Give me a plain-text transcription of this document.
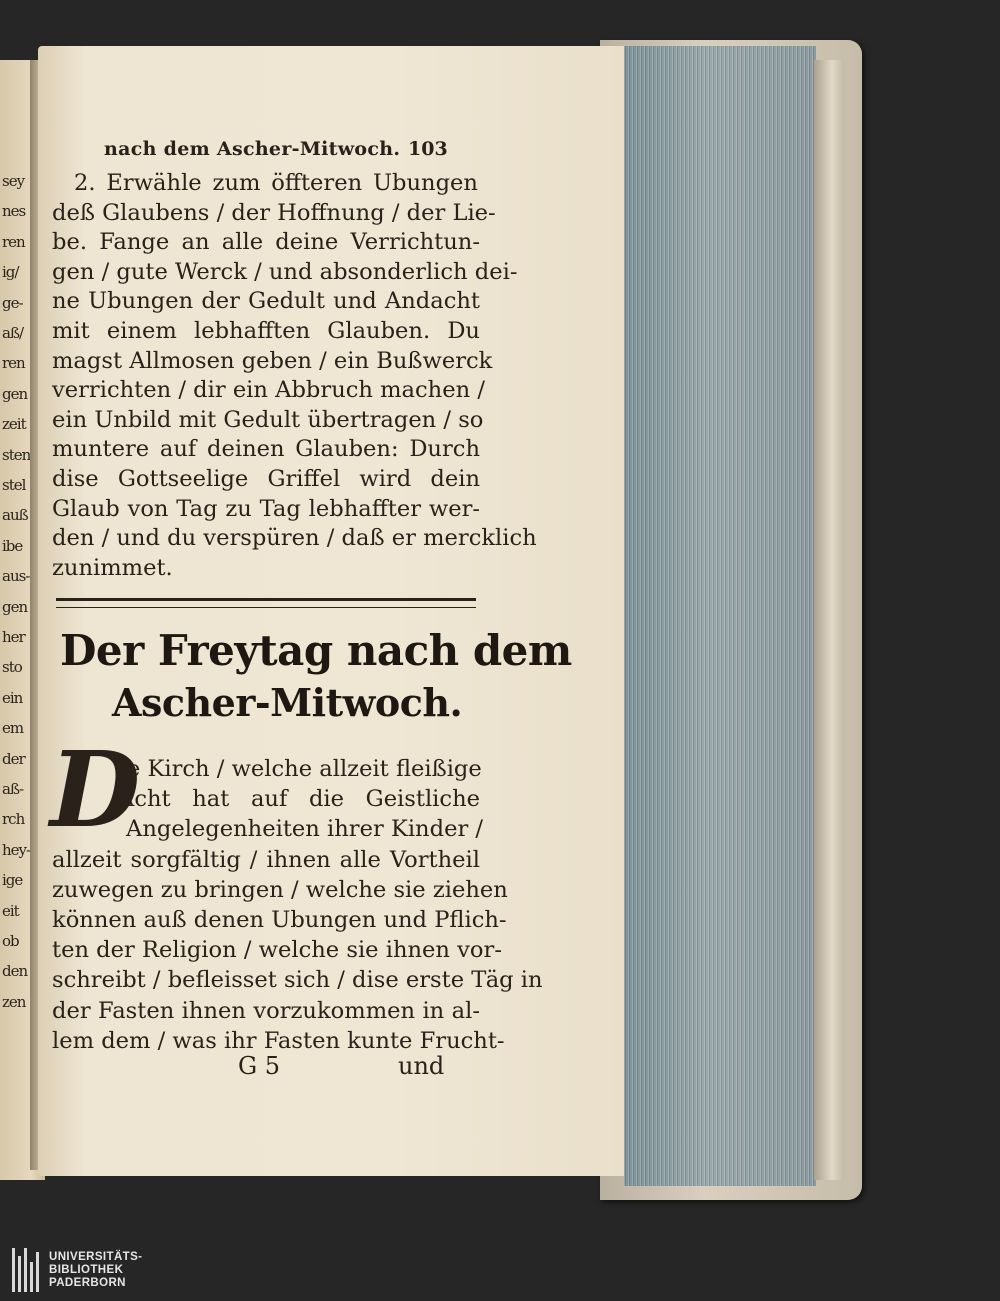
sey
nes
ren
ig/
ge-
aß/
ren
gen
zeit
sten
stel
auß
ibe
aus-
gen
her
sto
ein
em
der
aß-
rch
hey-
ige
eit
ob
den
zen
nach dem Ascher-Mitwoch. 103
2. Erwähle zum öffteren Ubungen
deß Glaubens / der Hoffnung / der Lie-
be. Fange an alle deine Verrichtun-
gen / gute Werck / und absonderlich dei-
ne Ubungen der Gedult und Andacht
mit einem lebhafften Glauben. Du
magst Allmosen geben / ein Bußwerck
verrichten / dir ein Abbruch machen /
ein Unbild mit Gedult übertragen / so
muntere auf deinen Glauben: Durch
dise Gottseelige Griffel wird dein
Glaub von Tag zu Tag lebhaffter wer-
den / und du verspüren / daß er mercklich
zunimmet.
Der Freytag nach dem
Ascher-Mitwoch.
D
Ie Kirch / welche allzeit fleißige
Acht hat auf die Geistliche
Angelegenheiten ihrer Kinder /
allzeit sorgfältig / ihnen alle Vortheil
zuwegen zu bringen / welche sie ziehen
können auß denen Ubungen und Pflich-
ten der Religion / welche sie ihnen vor-
schreibt / befleisset sich / dise erste Täg in
der Fasten ihnen vorzukommen in al-
lem dem / was ihr Fasten kunte Frucht-
G 5	und
UNIVERSITÄTS-
BIBLIOTHEK
PADERBORN
